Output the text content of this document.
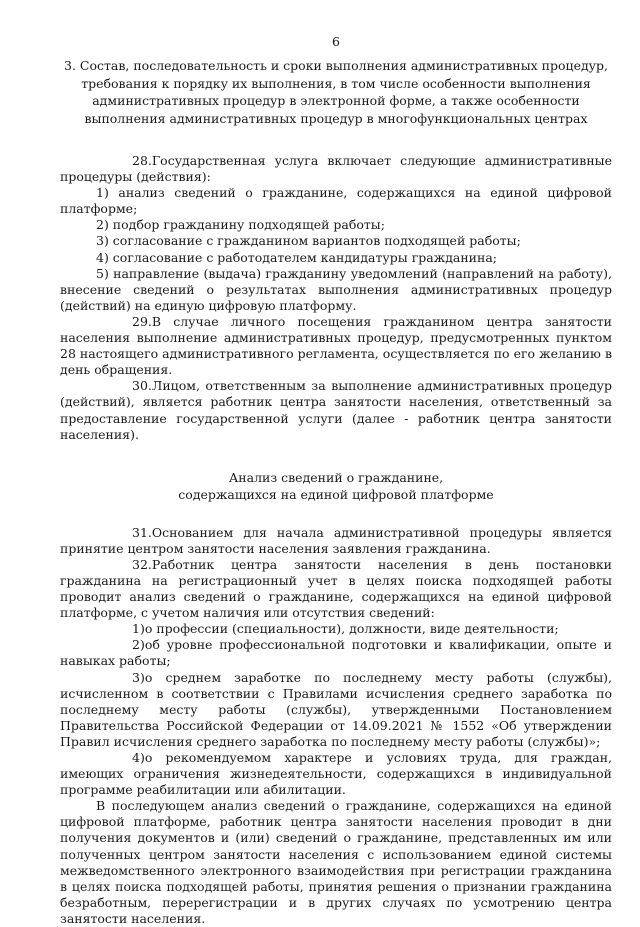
6
3. Состав, последовательность и сроки выполнения административных процедур, требования к порядку их выполнения, в том числе особенности выполнения административных процедур в электронной форме, а также особенности выполнения административных процедур в многофункциональных центрах

28.Государственная услуга включает следующие административные процедуры (действия):

1) анализ сведений о гражданине, содержащихся на единой цифровой платформе;

2) подбор гражданину подходящей работы;

3) согласование с гражданином вариантов подходящей работы;

4) согласование с работодателем кандидатуры гражданина;

5) направление (выдача) гражданину уведомлений (направлений на работу), внесение сведений о результатах выполнения административных процедур (действий) на единую цифровую платформу.

29.В случае личного посещения гражданином центра занятости населения выполнение административных процедур, предусмотренных пунктом 28 настоящего административного регламента, осуществляется по его желанию в день обращения.

30.Лицом, ответственным за выполнение административных процедур (действий), является работник центра занятости населения, ответственный за предоставление государственной услуги (далее - работник центра занятости населения).

Анализ сведений о гражданине,
содержащихся на единой цифровой платформе

31.Основанием для начала административной процедуры является принятие центром занятости населения заявления гражданина.

32.Работник центра занятости населения в день постановки гражданина на регистрационный учет в целях поиска подходящей работы проводит анализ сведений о гражданине, содержащихся на единой цифровой платформе, с учетом наличия или отсутствия сведений:

1)о профессии (специальности), должности, виде деятельности;

2)об уровне профессиональной подготовки и квалификации, опыте и навыках работы;

3)о среднем заработке по последнему месту работы (службы), исчисленном в соответствии с Правилами исчисления среднего заработка по последнему месту работы (службы), утвержденными Постановлением Правительства Российской Федерации от 14.09.2021 № 1552 «Об утверждении Правил исчисления среднего заработка по последнему месту работы (службы)»;

4)о рекомендуемом характере и условиях труда, для граждан, имеющих ограничения жизнедеятельности, содержащихся в индивидуальной программе реабилитации или абилитации.

В последующем анализ сведений о гражданине, содержащихся на единой цифровой платформе, работник центра занятости населения проводит в дни получения документов и (или) сведений о гражданине, представленных им или полученных центром занятости населения с использованием единой системы межведомственного электронного взаимодействия при регистрации гражданина в целях поиска подходящей работы, принятия решения о признании гражданина безработным, перерегистрации и в других случаях по усмотрению центра занятости населения.
